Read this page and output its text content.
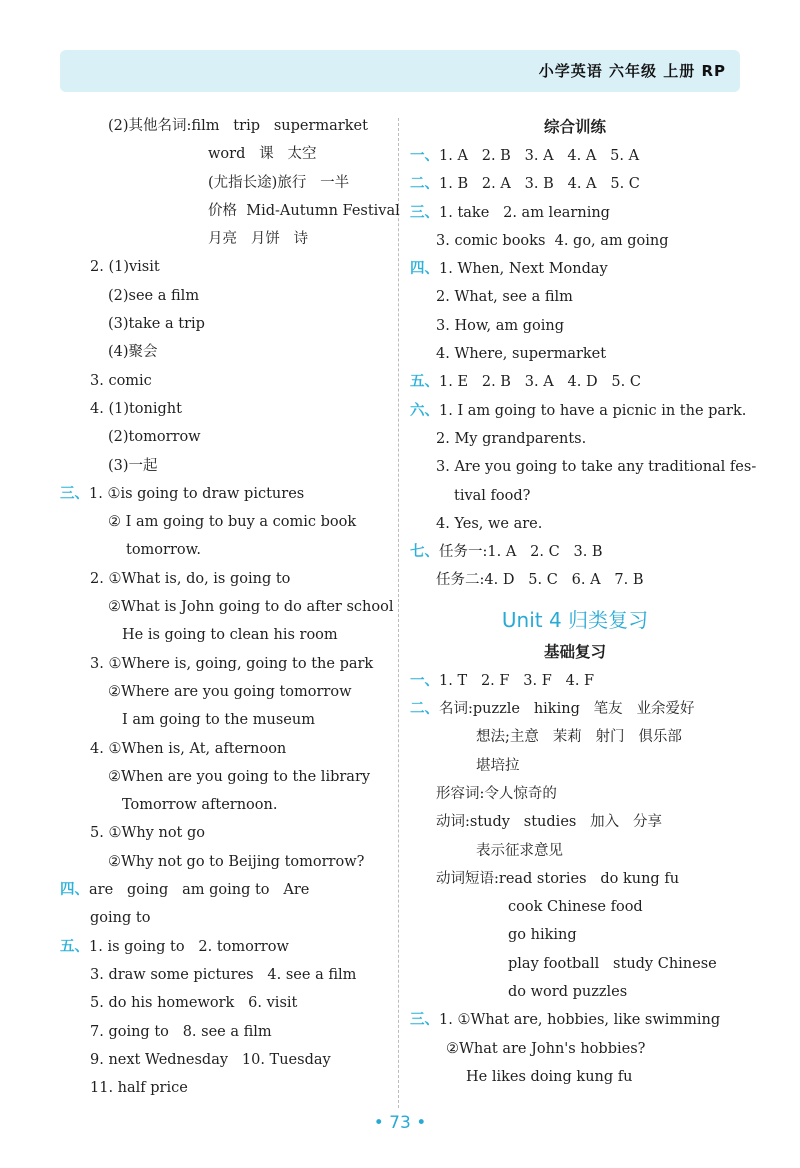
小学英语 六年级 上册 RP
(2)其他名词:film   trip   supermarket
word   课   太空
(尤指长途)旅行   一半
价格  Mid-Autumn Festival
月亮   月饼   诗
2. (1)visit
(2)see a film
(3)take a trip
(4)聚会
3. comic
4. (1)tonight
(2)tomorrow
(3)一起
三、1. ①is going to draw pictures
② I am going to buy a comic book
tomorrow.
2. ①What is, do, is going to
②What is John going to do after school
He is going to clean his room
3. ①Where is, going, going to the park
②Where are you going tomorrow
I am going to the museum
4. ①When is, At, afternoon
②When are you going to the library
Tomorrow afternoon.
5. ①Why not go
②Why not go to Beijing tomorrow?
四、are   going   am going to   Are
going to
五、1. is going to   2. tomorrow
3. draw some pictures   4. see a film
5. do his homework   6. visit
7. going to   8. see a film
9. next Wednesday   10. Tuesday
11. half price
综合训练
一、1. A   2. B   3. A   4. A   5. A
二、1. B   2. A   3. B   4. A   5. C
三、1. take   2. am learning
3. comic books  4. go, am going
四、1. When, Next Monday
2. What, see a film
3. How, am going
4. Where, supermarket
五、1. E   2. B   3. A   4. D   5. C
六、1. I am going to have a picnic in the park.
2. My grandparents.
3. Are you going to take any traditional fes-
tival food?
4. Yes, we are.
七、任务一:1. A   2. C   3. B
任务二:4. D   5. C   6. A   7. B
Unit 4 归类复习
基础复习
一、1. T   2. F   3. F   4. F
二、名词:puzzle   hiking   笔友   业余爱好
想法;主意   茉莉   射门   俱乐部
堪培拉
形容词:令人惊奇的
动词:study   studies   加入   分享
表示征求意见
动词短语:read stories   do kung fu
cook Chinese food
go hiking
play football   study Chinese
do word puzzles
三、1. ①What are, hobbies, like swimming
②What are John's hobbies?
He likes doing kung fu
• 73 •
